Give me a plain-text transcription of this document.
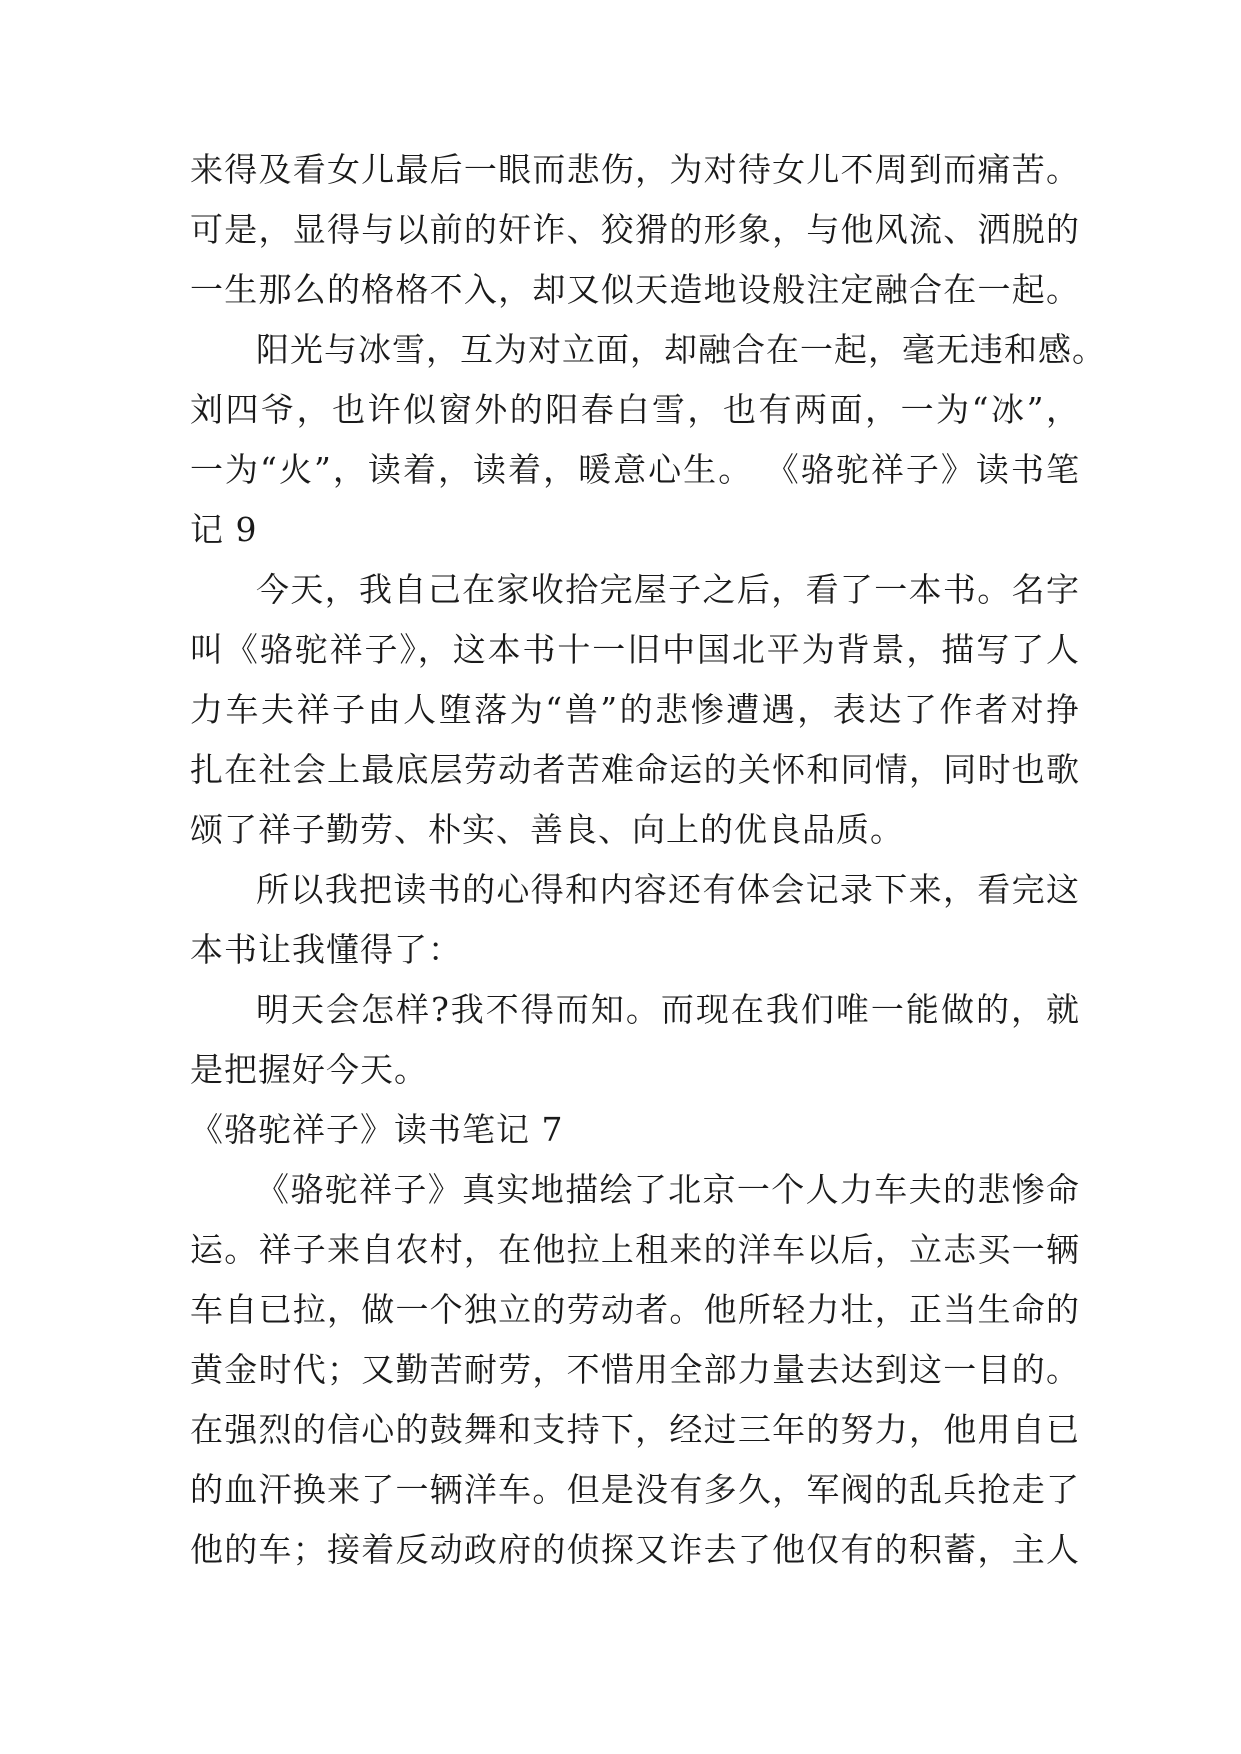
来得及看女儿最后一眼而悲伤，为对待女儿不周到而痛苦。
可是，显得与以前的奸诈、狡猾的形象，与他风流、洒脱的
一生那么的格格不入，却又似天造地设般注定融合在一起。
阳光与冰雪，互为对立面，却融合在一起，毫无违和感。
刘四爷，也许似窗外的阳春白雪，也有两面，一为“冰”，
一为“火”，读着，读着，暖意心生。 《骆驼祥子》读书笔
记 9
今天，我自己在家收拾完屋子之后，看了一本书。名字
叫《骆驼祥子》，这本书十一旧中国北平为背景，描写了人
力车夫祥子由人堕落为“兽”的悲惨遭遇，表达了作者对挣
扎在社会上最底层劳动者苦难命运的关怀和同情，同时也歌
颂了祥子勤劳、朴实、善良、向上的优良品质。
所以我把读书的心得和内容还有体会记录下来，看完这
本书让我懂得了：
明天会怎样?我不得而知。而现在我们唯一能做的，就
是把握好今天。
《骆驼祥子》读书笔记 7
《骆驼祥子》真实地描绘了北京一个人力车夫的悲惨命
运。祥子来自农村，在他拉上租来的洋车以后，立志买一辆
车自已拉，做一个独立的劳动者。他所轻力壮，正当生命的
黄金时代；又勤苦耐劳，不惜用全部力量去达到这一目的。
在强烈的信心的鼓舞和支持下，经过三年的努力，他用自已
的血汗换来了一辆洋车。但是没有多久，军阀的乱兵抢走了
他的车；接着反动政府的侦探又诈去了他仅有的积蓄，主人
